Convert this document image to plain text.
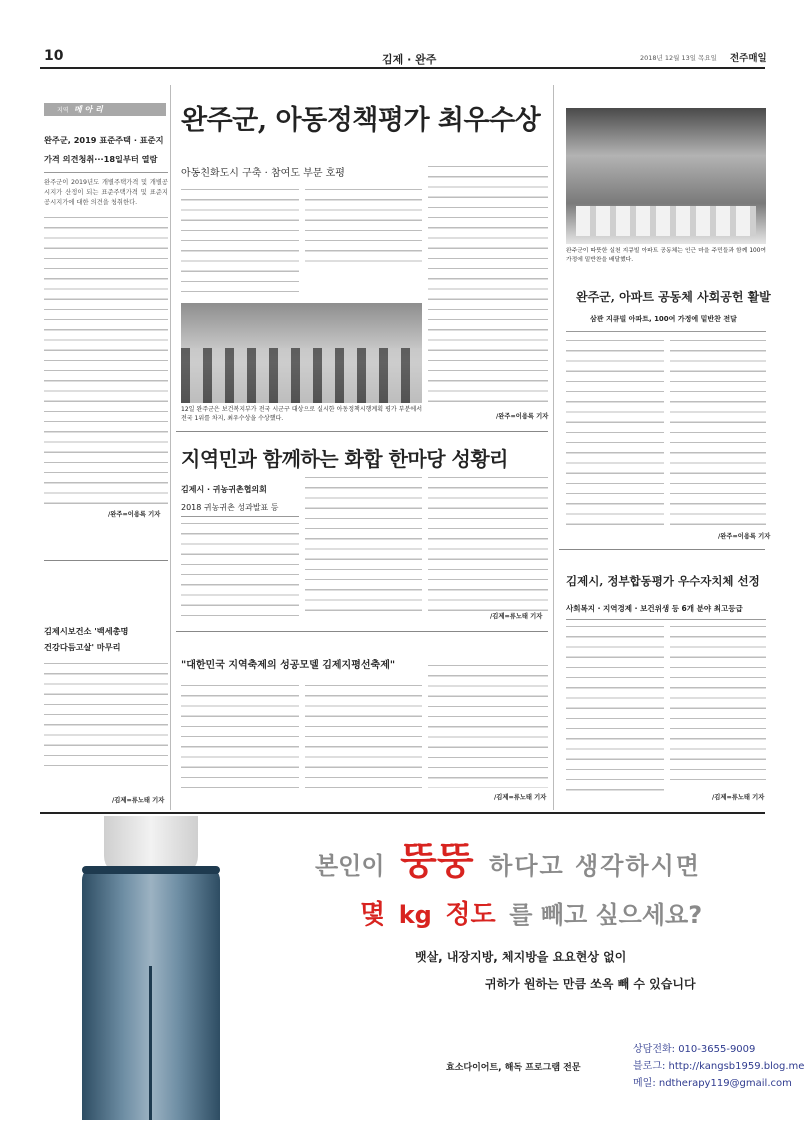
10	김제 · 완주	2018년 12월 13일 목요일 전주매일
지역 메 아 리
완주군, 2019 표준주택 · 표준지
가격 의견청취···18일부터 열람
완주군이 2019년도 개별주택가격 및 개별공시지가 산정이 되는 표준주택가격 및 표준지공시지가에 대한 의견을 청취한다.
/완주=이용록 기자
김제시보건소 '백세총명
건강다듬고살' 마무리
/김제=류노태 기자
완주군, 아동정책평가 최우수상
아동친화도시 구축 · 참여도 부문 호평
12일 완주군은 보건복지부가 전국 시군구 대상으로 실시한 아동정책시행계획 평가 부분에서 전국 1위를 차지, 최우수상을 수상했다.	/완주=이용록 기자
지역민과 함께하는 화합 한마당 성황리
김제시 · 귀농귀촌협의회
2018 귀농귀촌 성과발표 등
/김제=류노태 기자
"대한민국 지역축제의 성공모델 김제지평선축제"
/김제=류노태 기자
완주군이 따뜻한 실천 지큐빌 아파트 공동체는 인근 마을 주민들과 함께 100여 가정에 밑반찬을 배달했다.
완주군, 아파트 공동체 사회공헌 활발
삼관 지큐빌 아파트, 100여 가정에 밑반찬 전달
/완주=이용록 기자
김제시, 정부합동평가 우수자치체 선정
사회복지 · 지역경제 · 보건위생 등 6개 분야 최고등급
/김제=류노태 기자
본인이 뚱뚱 하다고 생각하시면
몇 kg 정도 를 빼고 싶으세요?
뱃살, 내장지방, 체지방을 요요현상 없이
귀하가 원하는 만큼 쏘옥 빼 수 있습니다
효소다이어트, 해독 프로그램 전문
상담전화: 010-3655-9009
블로그: http://kangsb1959.blog.me
메일: ndtherapy119@gmail.com
